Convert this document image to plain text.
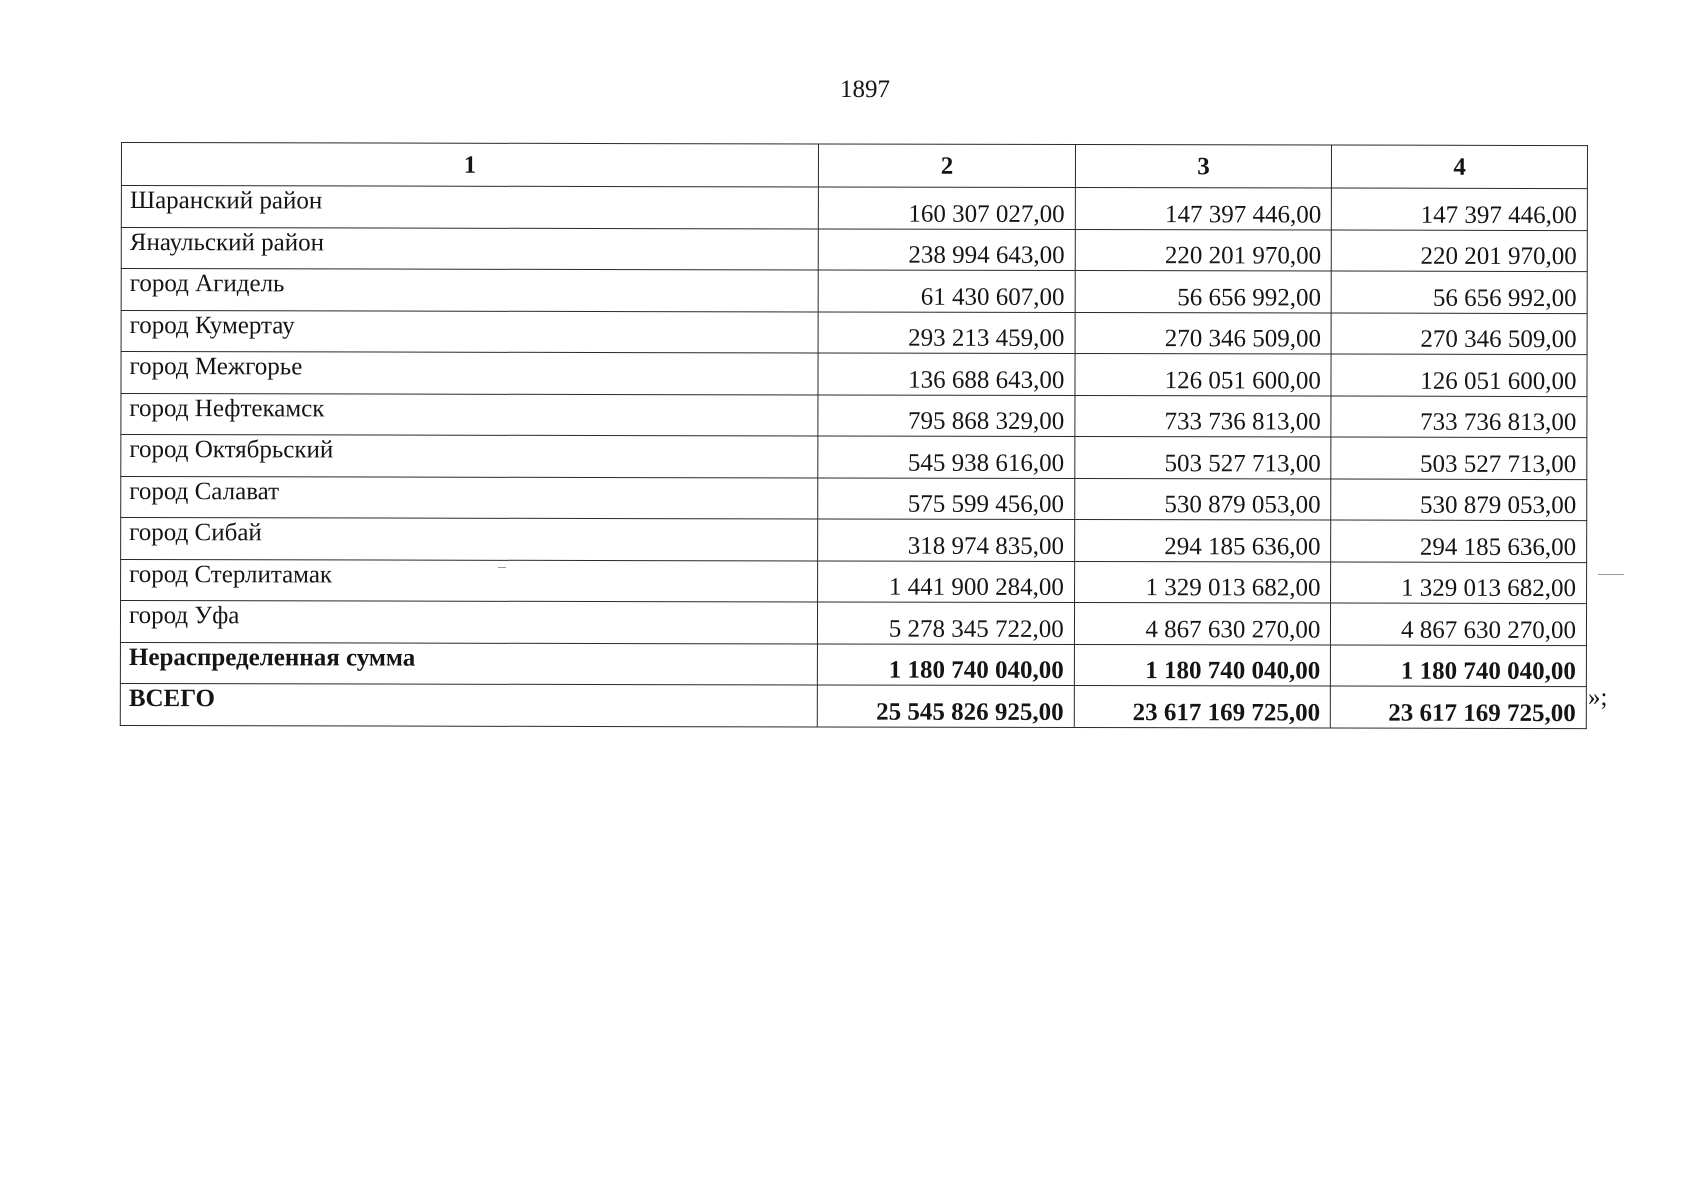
1897
1	2	3	4
Шаранский район	160 307 027,00	147 397 446,00	147 397 446,00
Янаульский район	238 994 643,00	220 201 970,00	220 201 970,00
город Агидель	61 430 607,00	56 656 992,00	56 656 992,00
город Кумертау	293 213 459,00	270 346 509,00	270 346 509,00
город Межгорье	136 688 643,00	126 051 600,00	126 051 600,00
город Нефтекамск	795 868 329,00	733 736 813,00	733 736 813,00
город Октябрьский	545 938 616,00	503 527 713,00	503 527 713,00
город Салават	575 599 456,00	530 879 053,00	530 879 053,00
город Сибай	318 974 835,00	294 185 636,00	294 185 636,00
город Стерлитамак	1 441 900 284,00	1 329 013 682,00	1 329 013 682,00
город Уфа	5 278 345 722,00	4 867 630 270,00	4 867 630 270,00
Нераспределенная сумма	1 180 740 040,00	1 180 740 040,00	1 180 740 040,00
ВСЕГО	25 545 826 925,00	23 617 169 725,00	23 617 169 725,00
»;
